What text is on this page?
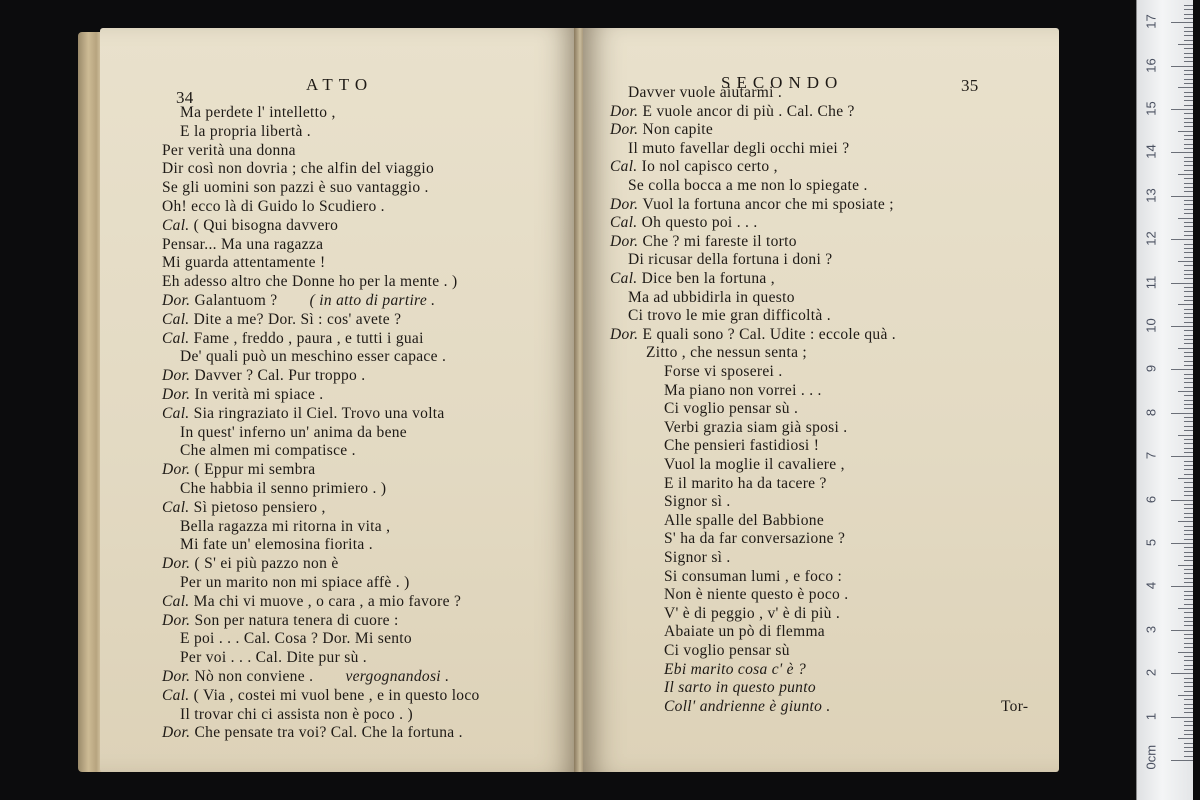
34
ATTO
Ma perdete l' intelletto ,
E la propria libertà .
Per verità una donna
Dir così non dovria ; che alfin del viaggio
Se gli uomini son pazzi è suo vantaggio .
Oh! ecco là di Guido lo Scudiero .
Cal. ( Qui bisogna davvero
Pensar... Ma una ragazza
Mi guarda attentamente !
Eh adesso altro che Donne ho per la mente . )
Dor. Galantuom ? ( in atto di partire .
Cal. Dite a me? Dor. Sì : cos' avete ?
Cal. Fame , freddo , paura , e tutti i guai
De' quali può un meschino esser capace .
Dor. Davver ? Cal. Pur troppo .
Dor. In verità mi spiace .
Cal. Sia ringraziato il Ciel. Trovo una volta
In quest' inferno un' anima da bene
Che almen mi compatisce .
Dor. ( Eppur mi sembra
Che habbia il senno primiero . )
Cal. Sì pietoso pensiero ,
Bella ragazza mi ritorna in vita ,
Mi fate un' elemosina fiorita .
Dor. ( S' ei più pazzo non è
Per un marito non mi spiace affè . )
Cal. Ma chi vi muove , o cara , a mio favore ?
Dor. Son per natura tenera di cuore :
E poi . . . Cal. Cosa ? Dor. Mi sento
Per voi . . . Cal. Dite pur sù .
Dor. Nò non conviene . vergognandosi .
Cal. ( Via , costei mi vuol bene , e in questo loco
Il trovar chi ci assista non è poco . )
Dor. Che pensate tra voi? Cal. Che la fortuna .
SECONDO	35
Davver vuole aiutarmi .
Dor. E vuole ancor di più . Cal. Che ?
Dor. Non capite
Il muto favellar degli occhi miei ?
Cal. Io nol capisco certo ,
Se colla bocca a me non lo spiegate .
Dor. Vuol la fortuna ancor che mi sposiate ;
Cal. Oh questo poi . . .
Dor. Che ? mi fareste il torto
Di ricusar della fortuna i doni ?
Cal. Dice ben la fortuna ,
Ma ad ubbidirla in questo
Ci trovo le mie gran difficoltà .
Dor. E quali sono ? Cal. Udite : eccole quà .
Zitto , che nessun senta ;
Forse vi sposerei .
Ma piano non vorrei . . .
Ci voglio pensar sù .
Verbi grazia siam già sposi .
Che pensieri fastidiosi !
Vuol la moglie il cavaliere ,
E il marito ha da tacere ?
Signor sì .
Alle spalle del Babbione
S' ha da far conversazione ?
Signor sì .
Si consuman lumi , e foco :
Non è niente questo è poco .
V' è di peggio , v' è di più .
Abaiate un pò di flemma
Ci voglio pensar sù
Ebi marito cosa c' è ?
Il sarto in questo punto
Coll' andrienne è giunto .	Tor-
0cm
1
2
3
4
5
6
7
8
9
10
11
12
13
14
15
16
17
